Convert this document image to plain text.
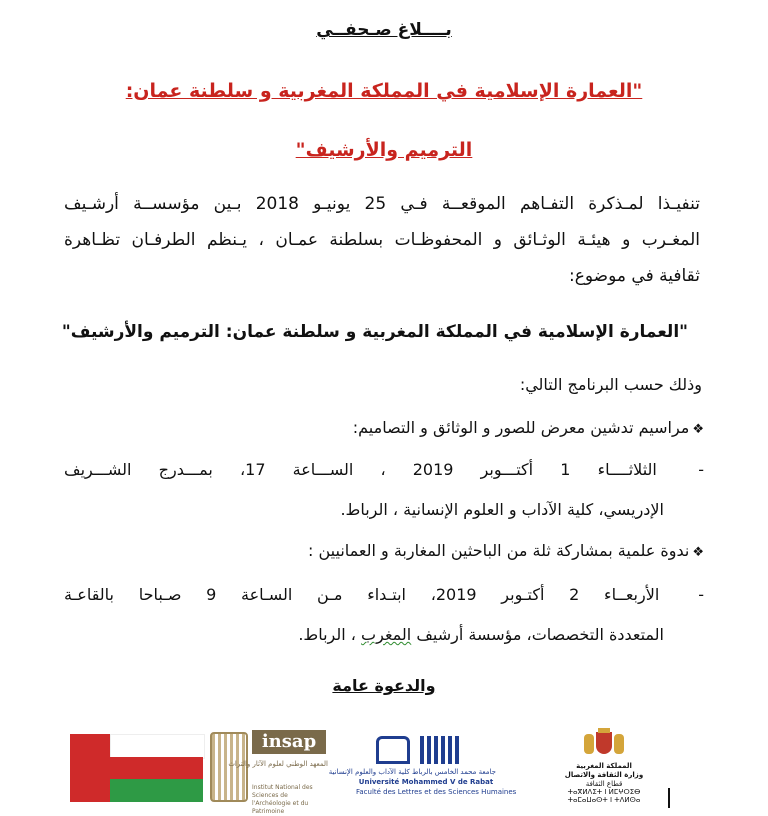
بــــلاغ صـحفــي
"العمارة الإسلامية في المملكة المغربية و سلطنة عمان:
الترميم والأرشيف"
تنفيـذا لمـذكرة التفـاهم الموقعــة فـي 25 يونيـو 2018 بـين مؤسســة أرشـيف
المغـرب و هيئـة الوثـائق و المحفوظـات بسلطنة عمـان ، يـنظم الطرفـان تظـاهرة
ثقافية في موضوع:
"العمارة الإسلامية في المملكة المغربية و سلطنة عمان: الترميم والأرشيف"
وذلك حسب البرنامج التالي:
❖مراسيم تدشين معرض للصور و الوثائق و التصاميم:
- الثلاثــــاء 1 أكتـــوبر 2019 ، الســـاعة 17، بمـــدرج الشـــريف
الإدريسي، كلية الآداب و العلوم الإنسانية ، الرباط.
❖ندوة علمية بمشاركة ثلة من الباحثين المغاربة و العمانيين :
- الأربعــاء 2 أكتـوبر 2019، ابتـداء مـن السـاعة 9 صـباحا بالقاعـة
المتعددة التخصصات، مؤسسة أرشيف المغرب ، الرباط.
والدعوة عامة
insap
المعهد الوطني لعلوم الآثار والتراث
Institut National des Sciences de l'Archéologie et du Patrimoine
جامعة محمد الخامس بالرباط كلية الآداب والعلوم الإنسانية
Université Mohammed V de Rabat
Faculté des Lettres et des Sciences Humaines
المملكة المغربية
وزارة الثقافة والاتصال
قطاع الثقافة
ⵜⴰⴳⵍⴷⵉⵜ ⵏ ⵍⵎⵖⵔⵉⴱ
ⵜⴰⵎⴰⵡⴰⵙⵜ ⵏ ⵜⴷⵍⵙⴰ
